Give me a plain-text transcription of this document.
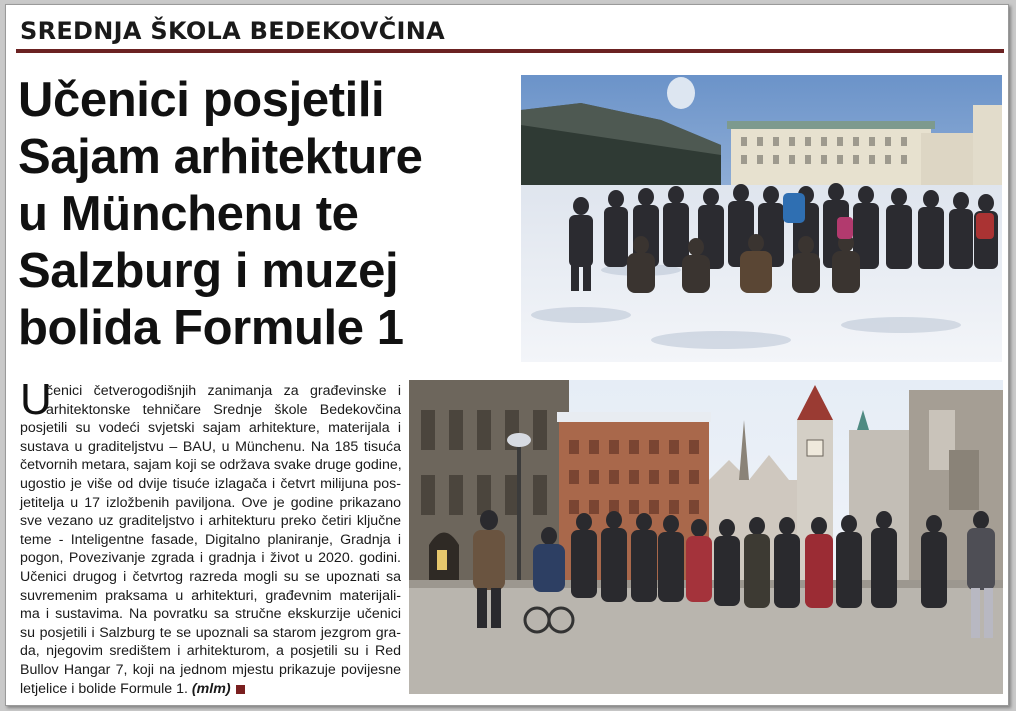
SREDNJA ŠKOLA BEDEKOVČINA
Učenici posjetili
Sajam arhitekture
u Münchenu te
Salzburg i muzej
bolida Formule 1
U
čenici četverogodišnjih zanimanja za građevinske i
arhitektonske tehničare Srednje škole Bedekovčina
posjetili su vodeći svjetski sajam arhitekture, materijala i
sustava u graditeljstvu – BAU, u Münchenu. Na 185 tisuća
četvornih metara, sajam koji se održava svake druge godine,
ugostio je više od dvije tisuće izlagača i četvrt milijuna pos-
jetitelja u 17 izložbenih paviljona. Ove je godine prikazano
sve vezano uz graditeljstvo i arhitekturu preko četiri ključne
teme - Inteligentne fasade, Digitalno planiranje, Gradnja i
pogon, Povezivanje zgrada i gradnja i život u 2020. godini.
Učenici drugog i četvrtog razreda mogli su se upoznati sa
suvremenim praksama u arhitekturi, građevnim materijali-
ma i sustavima. Na povratku sa stručne ekskurzije učenici
su posjetili i Salzburg te se upoznali sa starom jezgrom gra-
da, njegovim središtem i arhitekturom, a posjetili su i Red
Bullov Hangar 7, koji na jednom mjestu prikazuje povijesne
letjelice i bolide Formule 1. (mlm)
